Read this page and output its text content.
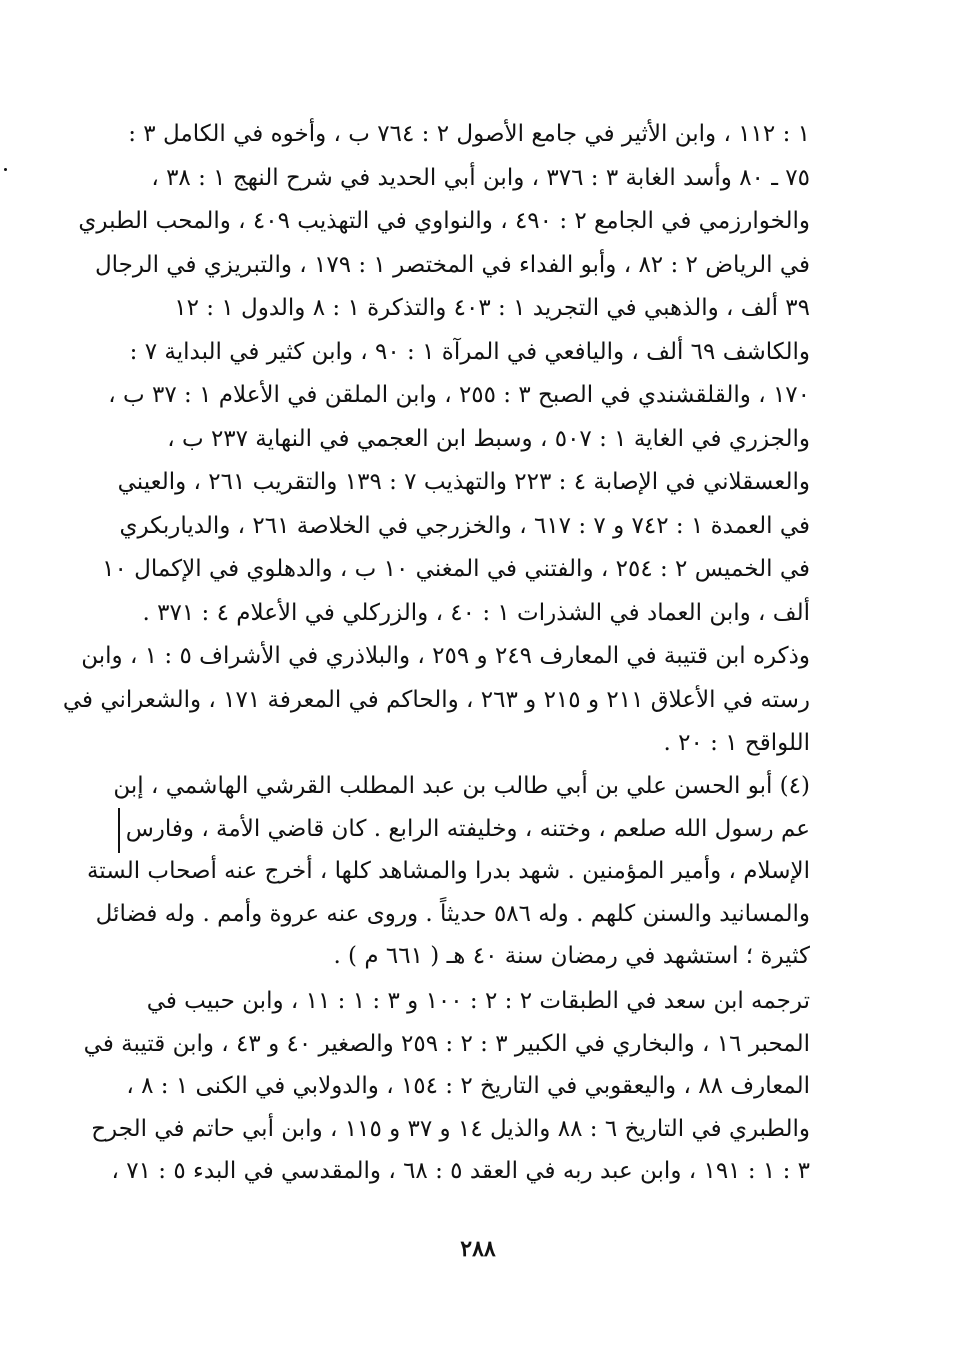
١ : ١١٢ ، وابن الأثير في جامع الأصول ٢ : ٧٦٤ ب ، وأخوه في الكامل ٣ :
٧٥ ـ ٨٠ وأسد الغابة ٣ : ٣٧٦ ، وابن أبي الحديد في شرح النهج ١ : ٣٨ ،
والخوارزمي في الجامع ٢ : ٤٩٠ ، والنواوي في التهذيب ٤٠٩ ، والمحب الطبري
في الرياض ٢ : ٨٢ ، وأبو الفداء في المختصر ١ : ١٧٩ ، والتبريزي في الرجال
٣٩ ألف ، والذهبي في التجريد ١ : ٤٠٣ والتذكرة ١ : ٨ والدول ١ : ١٢
والكاشف ٦٩ ألف ، واليافعي في المرآة ١ : ٩٠ ، وابن كثير في البداية ٧ :
١٧٠ ، والقلقشندي في الصبح ٣ : ٢٥٥ ، وابن الملقن في الأعلام ١ : ٣٧ ب ،
والجزري في الغاية ١ : ٥٠٧ ، وسبط ابن العجمي في النهاية ٢٣٧ ب ،
والعسقلاني في الإصابة ٤ : ٢٢٣ والتهذيب ٧ : ١٣٩ والتقريب ٢٦١ ، والعيني
في العمدة ١ : ٧٤٢ و ٧ : ٦١٧ ، والخزرجي في الخلاصة ٢٦١ ، والدياربكري
في الخميس ٢ : ٢٥٤ ، والفتني في المغني ١٠ ب ، والدهلوي في الإكمال ١٠
ألف ، وابن العماد في الشذرات ١ : ٤٠ ، والزركلي في الأعلام ٤ : ٣٧١ .
وذكره ابن قتيبة في المعارف ٢٤٩ و ٢٥٩ ، والبلاذري في الأشراف ٥ : ١ ، وابن
رسته في الأعلاق ٢١١ و ٢١٥ و ٢٦٣ ، والحاكم في المعرفة ١٧١ ، والشعراني في
اللواقح ١ : ٢٠ .
(٤) أبو الحسن علي بن أبي طالب بن عبد المطلب القرشي الهاشمي ، إبن
عم رسول الله صلعم ، وختنه ، وخليفته الرابع . كان قاضي الأمة ، وفارس
الإسلام ، وأمير المؤمنين . شهد بدرا والمشاهد كلها ، أخرج عنه أصحاب الستة
والمسانيد والسنن كلهم . وله ٥٨٦ حديثاً . وروى عنه عروة وأمم . وله فضائل
كثيرة ؛ استشهد في رمضان سنة ٤٠ هـ ( ٦٦١ م ) .
ترجمه ابن سعد في الطبقات ٢ : ٢ : ١٠٠ و ٣ : ١ : ١١ ، وابن حبيب في
المحبر ١٦ ، والبخاري في الكبير ٣ : ٢ : ٢٥٩ والصغير ٤٠ و ٤٣ ، وابن قتيبة في
المعارف ٨٨ ، واليعقوبي في التاريخ ٢ : ١٥٤ ، والدولابي في الكنى ١ : ٨ ،
والطبري في التاريخ ٦ : ٨٨ والذيل ١٤ و ٣٧ و ١١٥ ، وابن أبي حاتم في الجرح
٣ : ١ : ١٩١ ، وابن عبد ربه في العقد ٥ : ٦٨ ، والمقدسي في البدء ٥ : ٧١ ،
٢٨٨
